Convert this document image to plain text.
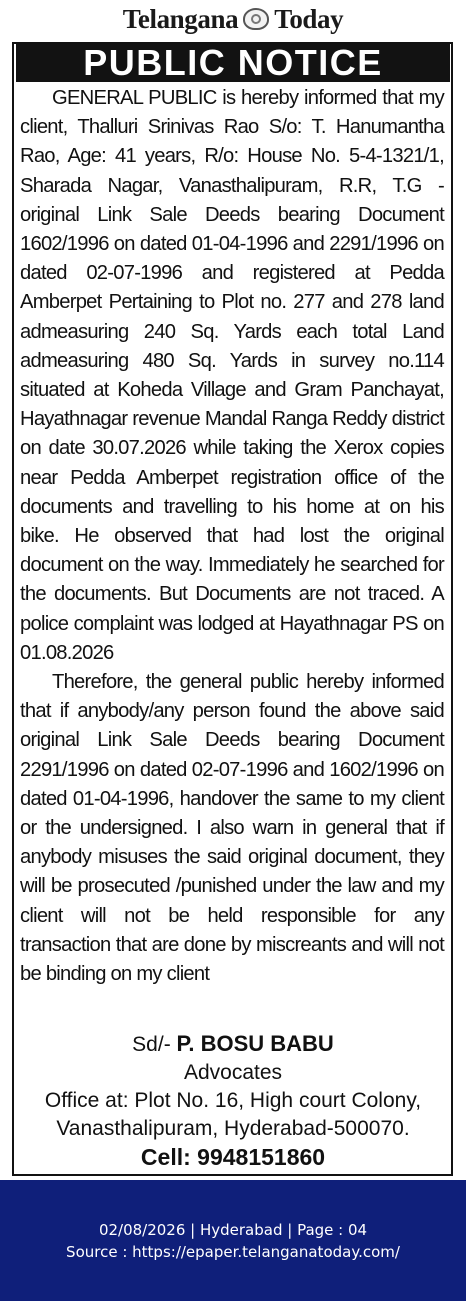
Telangana Today
PUBLIC NOTICE

GENERAL PUBLIC is hereby informed that my client, Thalluri Srinivas Rao S/o: T. Hanumantha Rao, Age: 41 years, R/o: House No. 5-4-1321/1, Sharada Nagar, Vanasthalipuram, R.R, T.G - original Link Sale Deeds bearing Document 1602/1996 on dated 01-04-1996 and 2291/1996 on dated 02-07-1996 and registered at Pedda Amberpet Pertaining to Plot no. 277 and 278 land admeasuring 240 Sq. Yards each total Land admeasuring 480 Sq. Yards in survey no.114 situated at Koheda Village and Gram Panchayat, Hayathnagar revenue Mandal Ranga Reddy district on date 30.07.2026 while taking the Xerox copies near Pedda Amberpet registration office of the documents and travelling to his home at on his bike. He observed that had lost the original document on the way. Immediately he searched for the documents. But Documents are not traced. A police complaint was lodged at Hayathnagar PS on 01.08.2026

Therefore, the general public hereby informed that if anybody/any person found the above said original Link Sale Deeds bearing Document 2291/1996 on dated 02-07-1996 and 1602/1996 on dated 01-04-1996, handover the same to my client or the undersigned. I also warn in general that if anybody misuses the said original document, they will be prosecuted /punished under the law and my client will not be held responsible for any transaction that are done by miscreants and will not be binding on my client

Sd/- P. BOSU BABU
Advocates
Office at: Plot No. 16, High court Colony,
Vanasthalipuram, Hyderabad-500070.
Cell: 9948151860
02/08/2026 | Hyderabad | Page : 04
Source : https://epaper.telanganatoday.com/
